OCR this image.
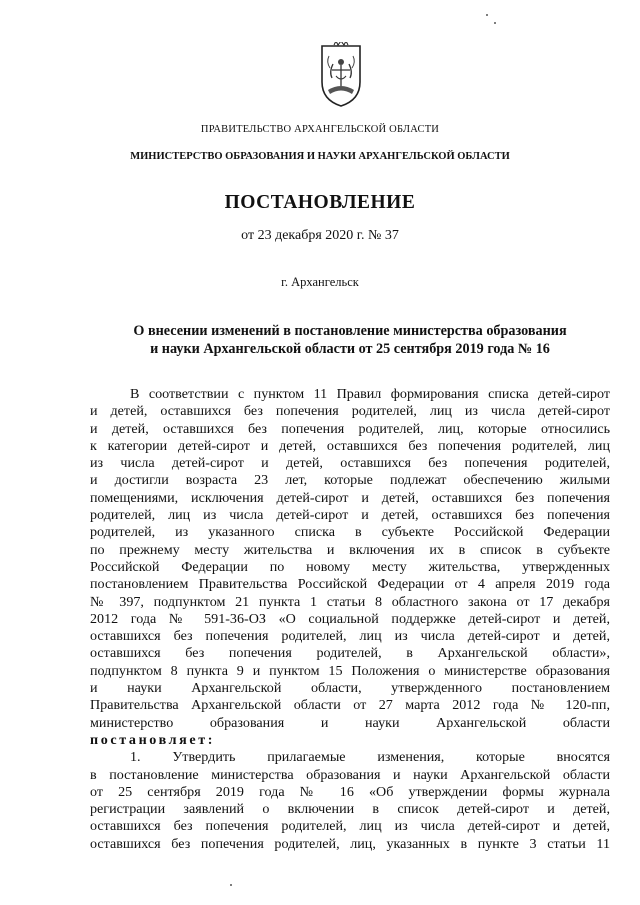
ПРАВИТЕЛЬСТВО АРХАНГЕЛЬСКОЙ ОБЛАСТИ
МИНИСТЕРСТВО ОБРАЗОВАНИЯ И НАУКИ АРХАНГЕЛЬСКОЙ ОБЛАСТИ
ПОСТАНОВЛЕНИЕ
от 23 декабря 2020 г. № 37
г. Архангельск
О внесении изменений в постановление министерства образования
и науки Архангельской области от 25 сентября 2019 года № 16
В соответствии с пунктом 11 Правил формирования списка детей-сирот
и детей, оставшихся без попечения родителей, лиц из числа детей-сирот
и детей, оставшихся без попечения родителей, лиц, которые относились
к категории детей-сирот и детей, оставшихся без попечения родителей, лиц
из числа детей-сирот и детей, оставшихся без попечения родителей,
и достигли возраста 23 лет, которые подлежат обеспечению жилыми
помещениями, исключения детей-сирот и детей, оставшихся без попечения
родителей, лиц из числа детей-сирот и детей, оставшихся без попечения
родителей, из указанного списка в субъекте Российской Федерации
по прежнему месту жительства и включения их в список в субъекте
Российской Федерации по новому месту жительства, утвержденных
постановлением Правительства Российской Федерации от 4 апреля 2019 года
№ 397, подпунктом 21 пункта 1 статьи 8 областного закона от 17 декабря
2012 года № 591-36-ОЗ «О социальной поддержке детей-сирот и детей,
оставшихся без попечения родителей, лиц из числа детей-сирот и детей,
оставшихся без попечения родителей, в Архангельской области»,
подпунктом 8 пункта 9 и пунктом 15 Положения о министерстве образования
и науки Архангельской области, утвержденного постановлением
Правительства Архангельской области от 27 марта 2012 года № 120-пп,
министерство образования и науки Архангельской области
постановляет:
1. Утвердить прилагаемые изменения, которые вносятся
в постановление министерства образования и науки Архангельской области
от 25 сентября 2019 года № 16 «Об утверждении формы журнала
регистрации заявлений о включении в список детей-сирот и детей,
оставшихся без попечения родителей, лиц из числа детей-сирот и детей,
оставшихся без попечения родителей, лиц, указанных в пункте 3 статьи 11
